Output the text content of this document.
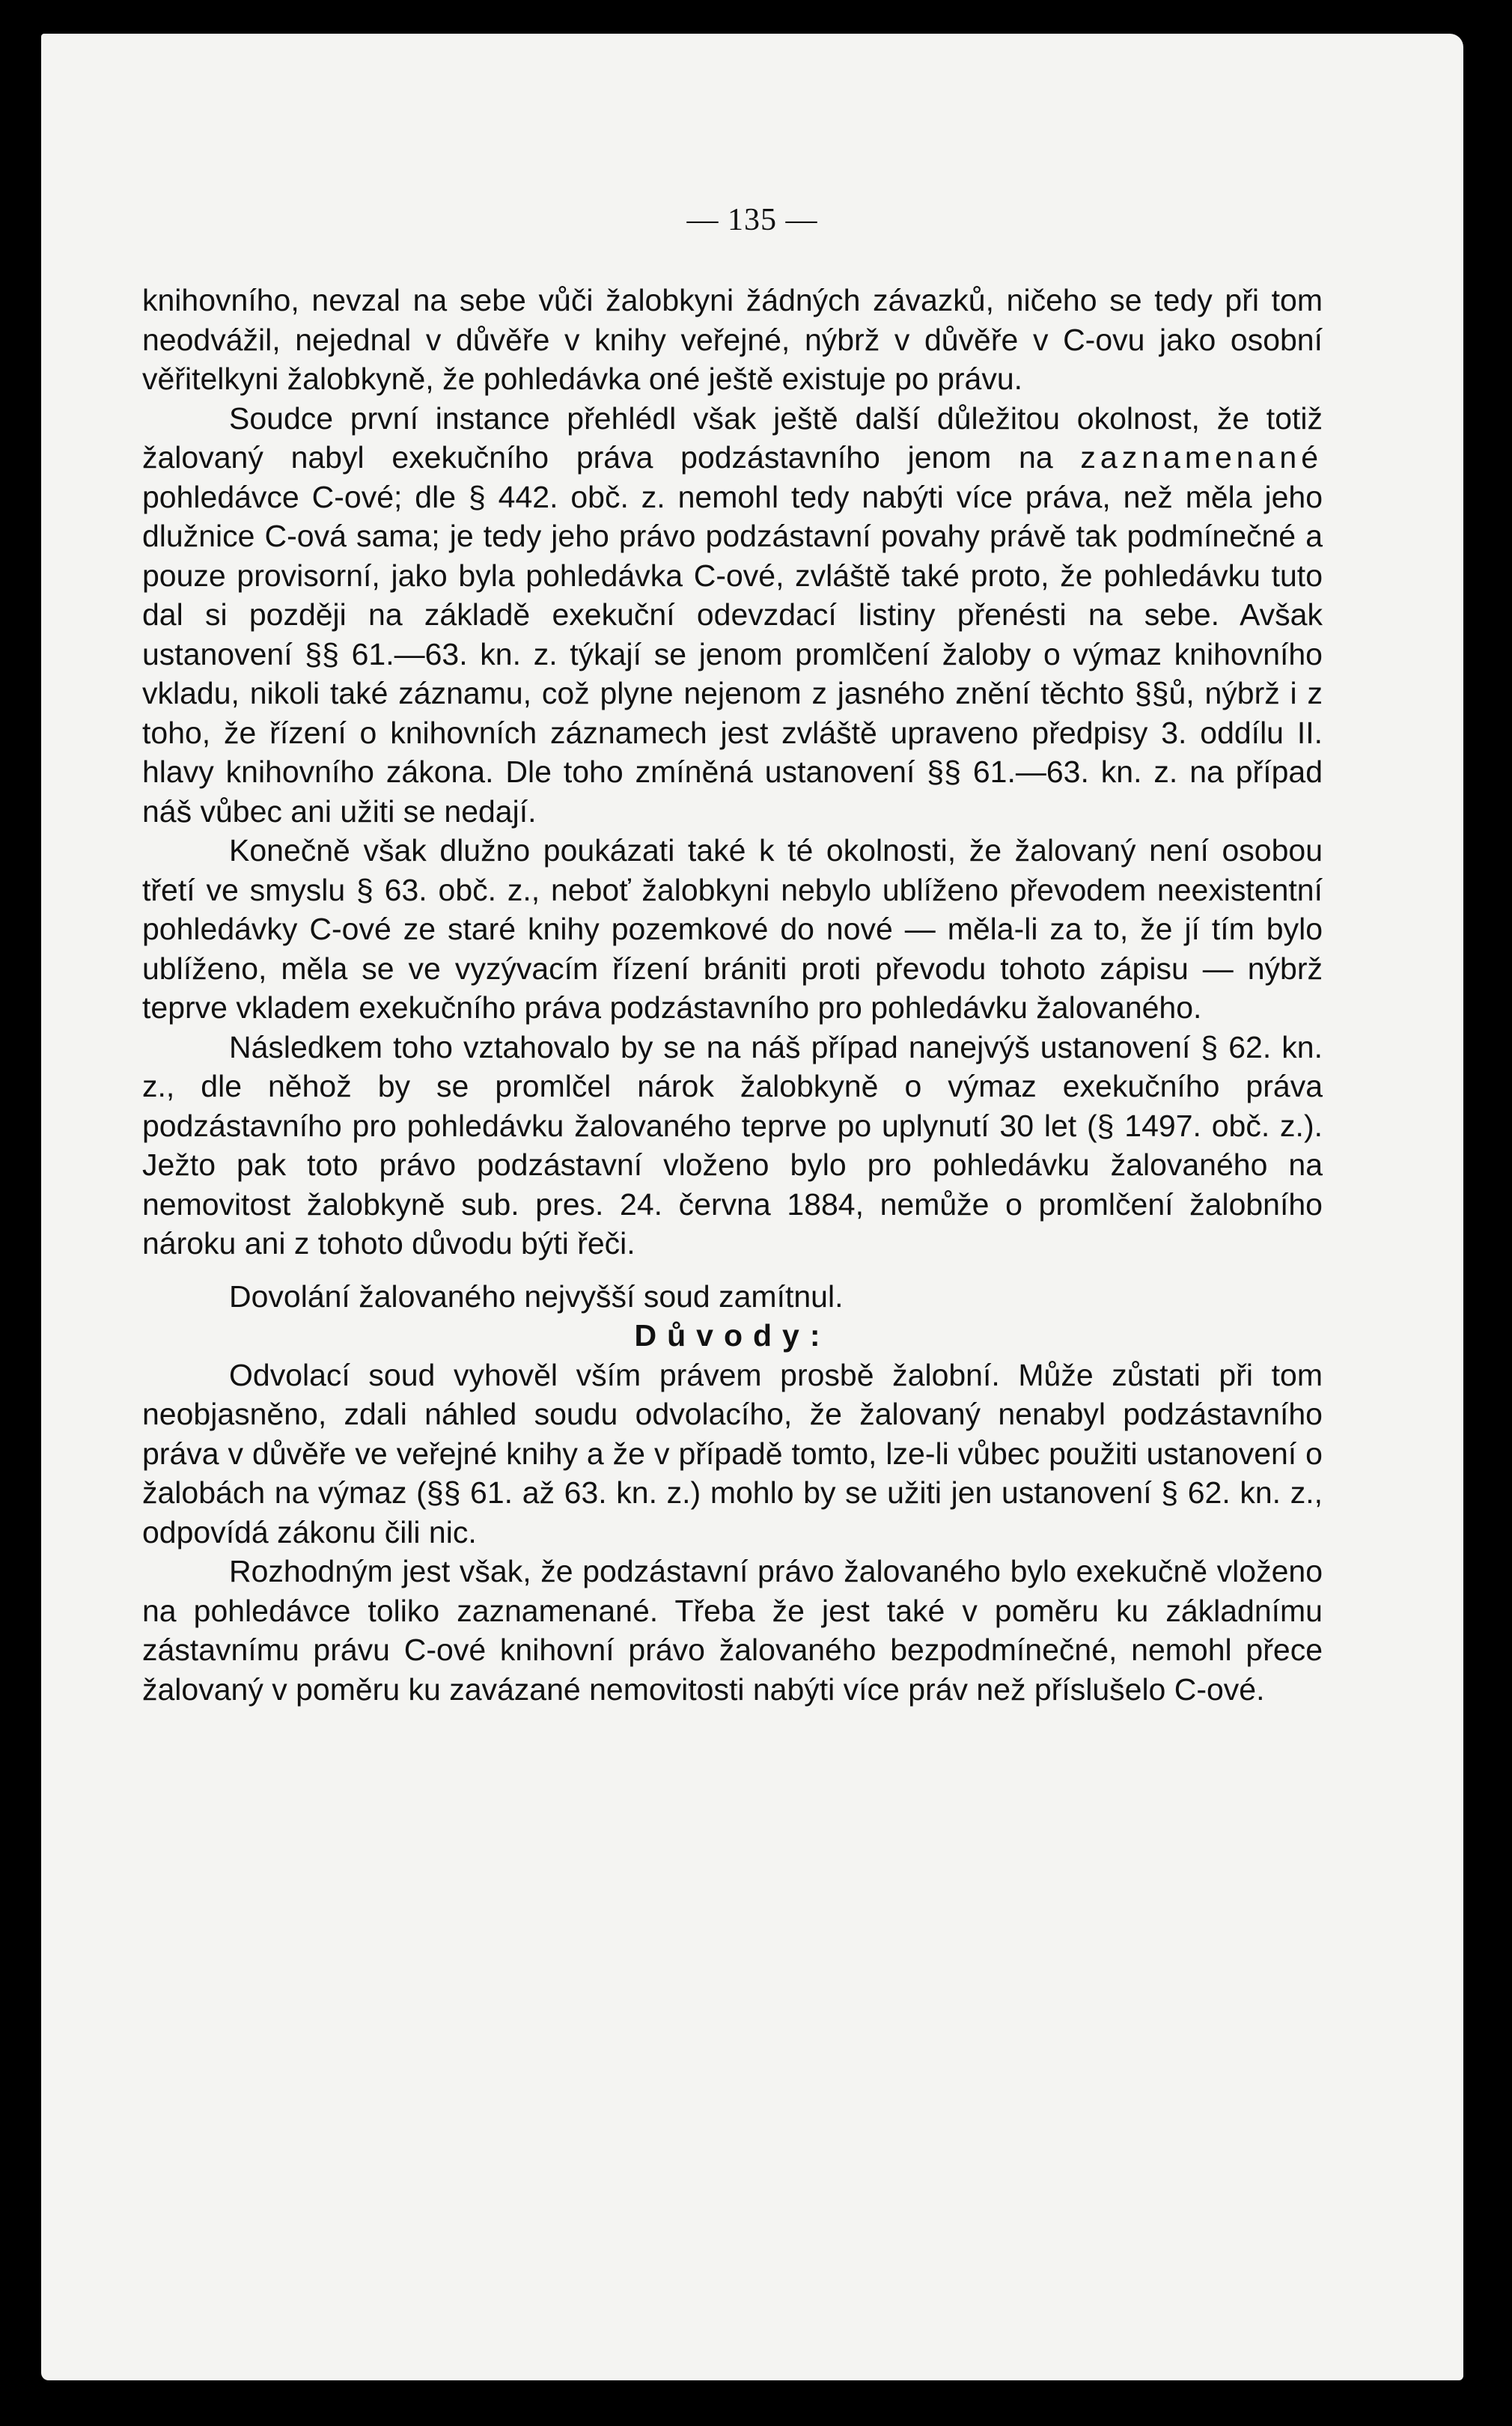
— 135 —

knihovního, nevzal na sebe vůči žalobkyni žádných závazků, ničeho se tedy při tom neodvážil, nejednal v důvěře v knihy veřejné, nýbrž v důvěře v C-ovu jako osobní věřitelkyni žalobkyně, že pohledávka oné ještě existuje po právu.

Soudce první instance přehlédl však ještě další důležitou okolnost, že totiž žalovaný nabyl exekučního práva podzástavního jenom na zaznamenané pohledávce C-ové; dle § 442. obč. z. nemohl tedy nabýti více práva, než měla jeho dlužnice C-ová sama; je tedy jeho právo podzástavní povahy právě tak podmínečné a pouze provisorní, jako byla pohledávka C-ové, zvláště také proto, že pohledávku tuto dal si později na základě exekuční odevzdací listiny přenésti na sebe. Avšak ustanovení §§ 61.—63. kn. z. týkají se jenom promlčení žaloby o výmaz knihovního vkladu, nikoli také záznamu, což plyne nejenom z jasného znění těchto §§ů, nýbrž i z toho, že řízení o knihovních záznamech jest zvláště upraveno předpisy 3. oddílu II. hlavy knihovního zákona. Dle toho zmíněná ustanovení §§ 61.—63. kn. z. na případ náš vůbec ani užiti se nedají.

Konečně však dlužno poukázati také k té okolnosti, že žalovaný není osobou třetí ve smyslu § 63. obč. z., neboť žalobkyni nebylo ublíženo převodem neexistentní pohledávky C-ové ze staré knihy pozemkové do nové — měla-li za to, že jí tím bylo ublíženo, měla se ve vyzývacím řízení brániti proti převodu tohoto zápisu — nýbrž teprve vkladem exekučního práva podzástavního pro pohledávku žalovaného.

Následkem toho vztahovalo by se na náš případ nanejvýš ustanovení § 62. kn. z., dle něhož by se promlčel nárok žalobkyně o výmaz exekučního práva podzástavního pro pohledávku žalovaného teprve po uplynutí 30 let (§ 1497. obč. z.). Ježto pak toto právo podzástavní vloženo bylo pro pohledávku žalovaného na nemovitost žalobkyně sub. pres. 24. června 1884, nemůže o promlčení žalobního nároku ani z tohoto důvodu býti řeči.

Dovolání žalovaného nejvyšší soud zamítnul.

Důvody:

Odvolací soud vyhověl vším právem prosbě žalobní. Může zůstati při tom neobjasněno, zdali náhled soudu odvolacího, že žalovaný nenabyl podzástavního práva v důvěře ve veřejné knihy a že v případě tomto, lze-li vůbec použiti ustanovení o žalobách na výmaz (§§ 61. až 63. kn. z.) mohlo by se užiti jen ustanovení § 62. kn. z., odpovídá zákonu čili nic.

Rozhodným jest však, že podzástavní právo žalovaného bylo exekučně vloženo na pohledávce toliko zaznamenané. Třeba že jest také v poměru ku základnímu zástavnímu právu C-ové knihovní právo žalovaného bezpodmínečné, nemohl přece žalovaný v poměru ku zavázané nemovitosti nabýti více práv než příslušelo C-ové.
